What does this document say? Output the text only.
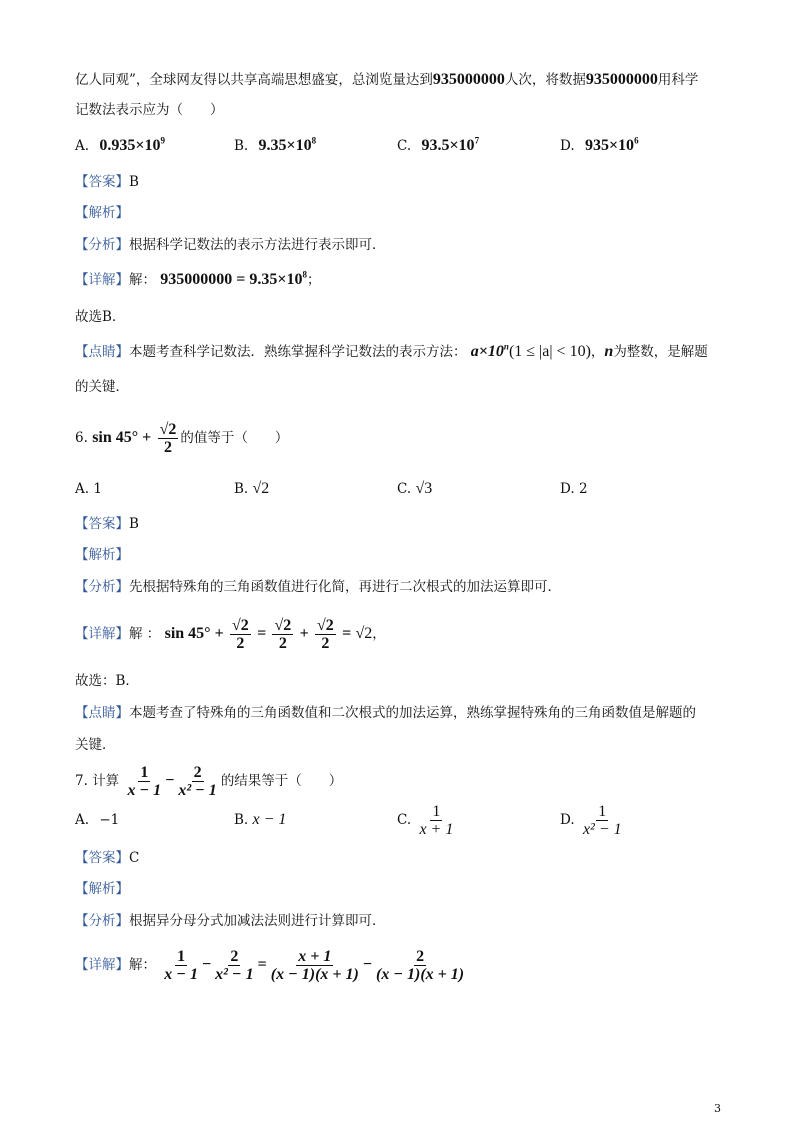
亿人同观”，全球网友得以共享高端思想盛宴，总浏览量达到935000000人次，将数据935000000用科学
记数法表示应为（　　）
A. $0.935\times 10^9$	B. $9.35\times 10^8$	C. $93.5\times 10^7$	D. $935\times 10^6$
【答案】B
【解析】
【分析】根据科学记数法的表示方法进行表示即可．
【详解】解： $935000000 = 9.35\times 10^8$；
故选B．
【点睛】本题考查科学记数法．熟练掌握科学记数法的表示方法： $a\times 10^n(1 \le |a| < 10)$，n为整数，是解题
的关键．
6. $\sin 45^\circ + \frac{√2}{2}$ 的值等于（　　）
A. 1	B. √2	C. √3	D. 2
【答案】B
【解析】
【分析】先根据特殊角的三角函数值进行化简，再进行二次根式的加法运算即可．
【详解】解 ： $\sin 45^\circ + \frac{√2}{2} = \frac{√2}{2} + \frac{√2}{2} = √2$，
故选：B．
【点睛】本题考查了特殊角的三角函数值和二次根式的加法运算，熟练掌握特殊角的三角函数值是解题的
关键．
7. 计算 $\frac{1}{x - 1} - \frac{2}{\text{x² − 1}}$ 的结果等于（　　）
A. −1	B. x − 1	C. $\frac{1}{x + 1}$	D. $\frac{1}{\text{x² − 1}}$
【答案】C
【解析】
【分析】根据异分母分式加减法法则进行计算即可．
【详解】解： $\frac{1}{x - 1} - \frac{2}{\text{x² − 1}} = \frac{x + 1}{(x - 1)(x + 1)} - \frac{2}{(x - 1)(x + 1)}$
3
